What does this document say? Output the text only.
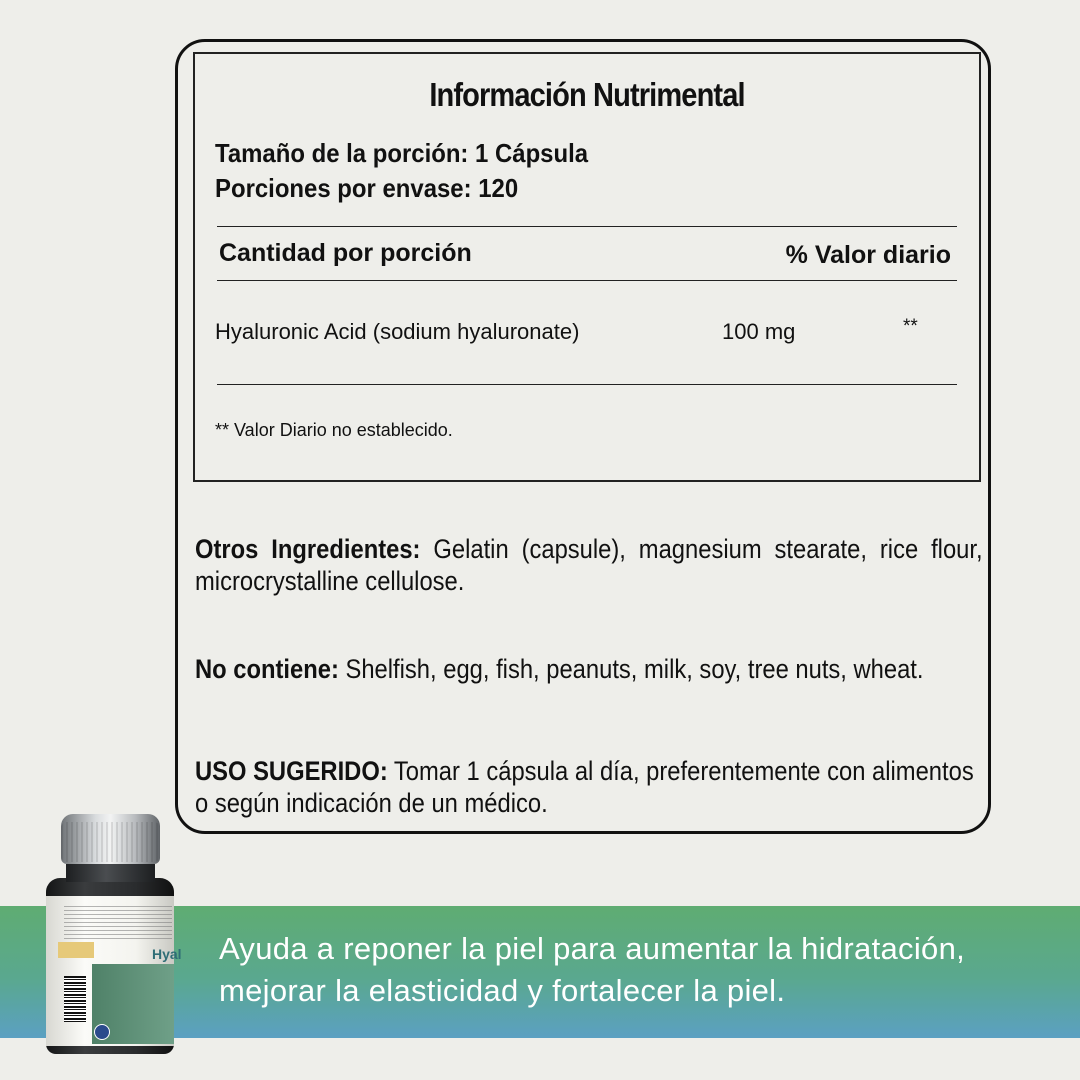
Información Nutrimental
Tamaño de la porción: 1 Cápsula
Porciones por envase: 120
Cantidad por porción	% Valor diario
Hyaluronic Acid (sodium hyaluronate)	100 mg	**
** Valor Diario no establecido.
Otros Ingredientes: Gelatin (capsule), magnesium stearate, rice flour, microcrystalline cellulose.
No contiene: Shelfish, egg, fish, peanuts, milk, soy, tree nuts, wheat.
USO SUGERIDO: Tomar 1 cápsula al día, preferentemente con alimentos o según indicación de un médico.
Ayuda a reponer la piel para aumentar la hidratación,
mejorar la elasticidad y fortalecer la piel.
Hyal
